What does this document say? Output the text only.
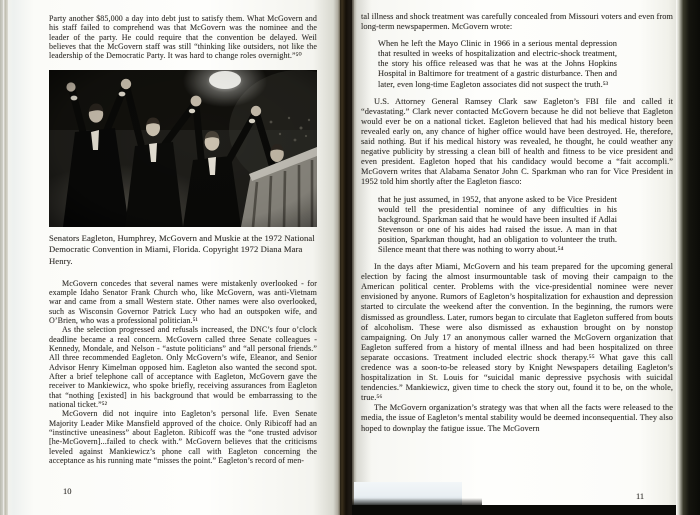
Party another $85,000 a day into debt just to satisfy them. What McGovern and his staff failed to comprehend was that McGovern was the nominee and the leader of the party. He could require that the convention be delayed. Weil believes that the McGovern staff was still “thinking like outsiders, not like the leadership of the Democratic Party. It was hard to change roles overnight.”⁵⁰

Senators Eagleton, Humphrey, McGovern and Muskie at the 1972 National Democratic Convention in Miami, Florida. Copyright 1972 Diana Mara Henry.

McGovern concedes that several names were mistakenly overlooked - for example Idaho Senator Frank Church who, like McGovern, was anti-Vietnam war and came from a small Western state. Other names were also overlooked, such as Wisconsin Governor Patrick Lucy who had an outspoken wife, and O’Brien, who was a professional politician.⁵¹

As the selection progressed and refusals increased, the DNC’s four o’clock deadline became a real concern. McGovern called three Senate colleagues - Kennedy, Mondale, and Nelson - “astute politicians” and “all personal friends.” All three recommended Eagleton. Only McGovern’s wife, Eleanor, and Senior Advisor Henry Kimelman opposed him. Eagleton also wanted the second spot. After a brief telephone call of acceptance with Eagleton, McGovern gave the receiver to Mankiewicz, who spoke briefly, receiving assurances from Eagleton that “nothing [existed] in his background that would be embarrassing to the national ticket.”⁵²

McGovern did not inquire into Eagleton’s personal life. Even Senate Majority Leader Mike Mansfield approved of the choice. Only Ribicoff had an “instinctive uneasiness” about Eagleton. Ribicoff was the “one trusted advisor [he-McGovern]...failed to check with.” McGovern believes that the criticisms leveled against Mankiewicz’s phone call with Eagleton concerning the acceptance as his running mate “misses the point.” Eagleton’s record of men-

10

tal illness and shock treatment was carefully concealed from Missouri voters and even from long-term newspapermen. McGovern wrote:

When he left the Mayo Clinic in 1966 in a serious mental depression that resulted in weeks of hospitalization and electric-shock treatment, the story his office released was that he was at the Johns Hopkins Hospital in Baltimore for treatment of a gastric disturbance. Then and later, even long-time Eagleton associates did not suspect the truth.⁵³

U.S. Attorney General Ramsey Clark saw Eagleton’s FBI file and called it “devastating.” Clark never contacted McGovern because he did not believe that Eagleton would ever be on a national ticket. Eagleton believed that had his medical history been revealed early on, any chance of higher office would have been destroyed. He, therefore, said nothing. But if his medical history was revealed, he thought, he could weather any negative publicity by stressing a clean bill of health and fitness to be vice president and even president. Eagleton hoped that his candidacy would become a “fait accompli.” McGovern writes that Alabama Senator John C. Sparkman who ran for Vice President in 1952 told him shortly after the Eagleton fiasco:

that he just assumed, in 1952, that anyone asked to be Vice President would tell the presidential nominee of any difficulties in his background. Sparkman said that he would have been insulted if Adlai Stevenson or one of his aides had raised the issue. A man in that position, Sparkman thought, had an obligation to volunteer the truth. Silence meant that there was nothing to worry about.⁵⁴

In the days after Miami, McGovern and his team prepared for the upcoming general election by facing the almost insurmountable task of moving their campaign to the American political center. Problems with the vice-presidential nominee were never envisioned by anyone. Rumors of Eagleton’s hospitalization for exhaustion and depression started to circulate the weekend after the convention. In the beginning, the rumors were dismissed as groundless. Later, rumors began to circulate that Eagleton suffered from bouts of alcoholism. These were also dismissed as exhaustion brought on by nonstop campaigning. On July 17 an anonymous caller warned the McGovern organization that Eagleton suffered from a history of mental illness and had been hospitalized on three separate occasions. Treatment included electric shock therapy.⁵⁵ What gave this call credence was a soon-to-be released story by Knight Newspapers detailing Eagleton’s hospitalization in St. Louis for “suicidal manic depressive psychosis with suicidal tendencies.” Mankiewicz, given time to check the story out, found it to be, on the whole, true.⁵⁶

The McGovern organization’s strategy was that when all the facts were released to the media, the issue of Eagleton’s mental stability would be deemed inconsequential. They also hoped to downplay the fatigue issue. The McGovern

11
